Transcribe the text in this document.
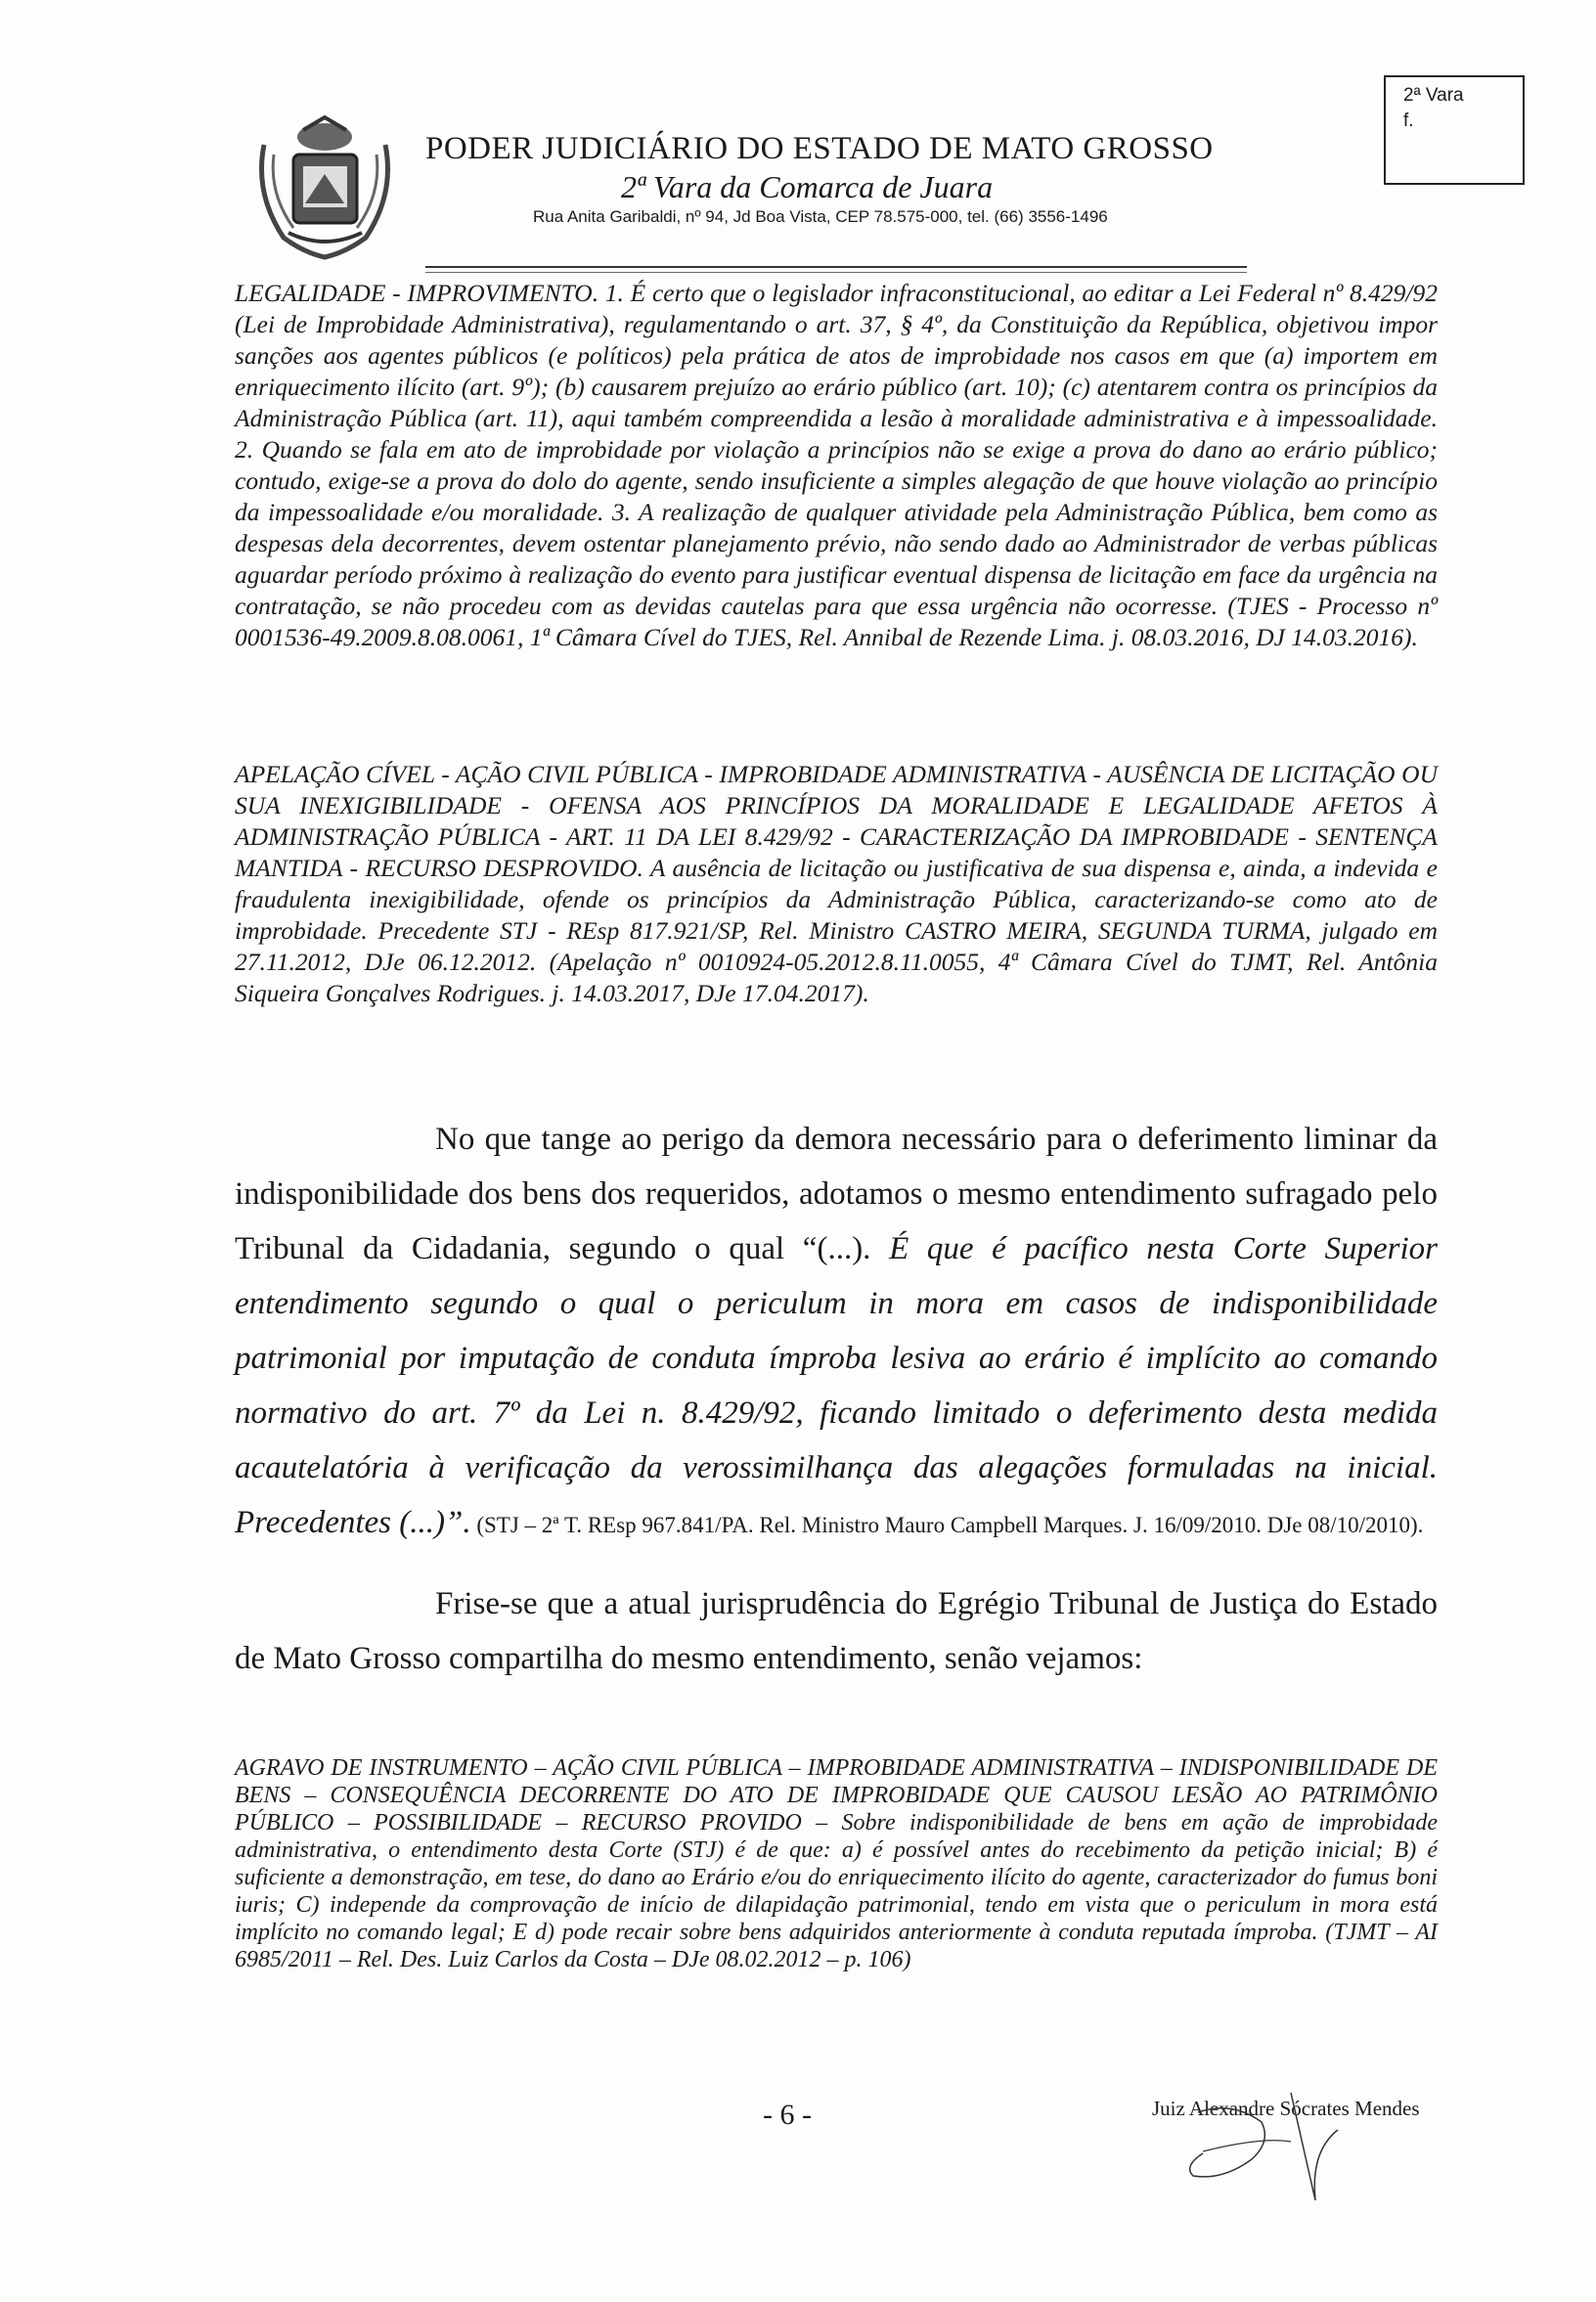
PODER JUDICIÁRIO DO ESTADO DE MATO GROSSO
2ª Vara da Comarca de Juara
Rua Anita Garibaldi, nº 94, Jd Boa Vista, CEP 78.575-000, tel. (66) 3556-1496
2ª Vara
f.
LEGALIDADE - IMPROVIMENTO. 1. É certo que o legislador infraconstitucional, ao editar a Lei Federal nº 8.429/92 (Lei de Improbidade Administrativa), regulamentando o art. 37, § 4º, da Constituição da República, objetivou impor sanções aos agentes públicos (e políticos) pela prática de atos de improbidade nos casos em que (a) importem em enriquecimento ilícito (art. 9º); (b) causarem prejuízo ao erário público (art. 10); (c) atentarem contra os princípios da Administração Pública (art. 11), aqui também compreendida a lesão à moralidade administrativa e à impessoalidade. 2. Quando se fala em ato de improbidade por violação a princípios não se exige a prova do dano ao erário público; contudo, exige-se a prova do dolo do agente, sendo insuficiente a simples alegação de que houve violação ao princípio da impessoalidade e/ou moralidade. 3. A realização de qualquer atividade pela Administração Pública, bem como as despesas dela decorrentes, devem ostentar planejamento prévio, não sendo dado ao Administrador de verbas públicas aguardar período próximo à realização do evento para justificar eventual dispensa de licitação em face da urgência na contratação, se não procedeu com as devidas cautelas para que essa urgência não ocorresse. (TJES - Processo nº 0001536-49.2009.8.08.0061, 1ª Câmara Cível do TJES, Rel. Annibal de Rezende Lima. j. 08.03.2016, DJ 14.03.2016).
APELAÇÃO CÍVEL - AÇÃO CIVIL PÚBLICA - IMPROBIDADE ADMINISTRATIVA - AUSÊNCIA DE LICITAÇÃO OU SUA INEXIGIBILIDADE - OFENSA AOS PRINCÍPIOS DA MORALIDADE E LEGALIDADE AFETOS À ADMINISTRAÇÃO PÚBLICA - ART. 11 DA LEI 8.429/92 - CARACTERIZAÇÃO DA IMPROBIDADE - SENTENÇA MANTIDA - RECURSO DESPROVIDO. A ausência de licitação ou justificativa de sua dispensa e, ainda, a indevida e fraudulenta inexigibilidade, ofende os princípios da Administração Pública, caracterizando-se como ato de improbidade. Precedente STJ - REsp 817.921/SP, Rel. Ministro CASTRO MEIRA, SEGUNDA TURMA, julgado em 27.11.2012, DJe 06.12.2012. (Apelação nº 0010924-05.2012.8.11.0055, 4ª Câmara Cível do TJMT, Rel. Antônia Siqueira Gonçalves Rodrigues. j. 14.03.2017, DJe 17.04.2017).
No que tange ao perigo da demora necessário para o deferimento liminar da indisponibilidade dos bens dos requeridos, adotamos o mesmo entendimento sufragado pelo Tribunal da Cidadania, segundo o qual “(...). É que é pacífico nesta Corte Superior entendimento segundo o qual o periculum in mora em casos de indisponibilidade patrimonial por imputação de conduta ímproba lesiva ao erário é implícito ao comando normativo do art. 7º da Lei n. 8.429/92, ficando limitado o deferimento desta medida acautelatória à verificação da verossimilhança das alegações formuladas na inicial. Precedentes (...)”. (STJ – 2ª T. REsp 967.841/PA. Rel. Ministro Mauro Campbell Marques. J. 16/09/2010. DJe 08/10/2010).
Frise-se que a atual jurisprudência do Egrégio Tribunal de Justiça do Estado de Mato Grosso compartilha do mesmo entendimento, senão vejamos:
AGRAVO DE INSTRUMENTO – AÇÃO CIVIL PÚBLICA – IMPROBIDADE ADMINISTRATIVA – INDISPONIBILIDADE DE BENS – CONSEQUÊNCIA DECORRENTE DO ATO DE IMPROBIDADE QUE CAUSOU LESÃO AO PATRIMÔNIO PÚBLICO – POSSIBILIDADE – RECURSO PROVIDO – Sobre indisponibilidade de bens em ação de improbidade administrativa, o entendimento desta Corte (STJ) é de que: a) é possível antes do recebimento da petição inicial; B) é suficiente a demonstração, em tese, do dano ao Erário e/ou do enriquecimento ilícito do agente, caracterizador do fumus boni iuris; C) independe da comprovação de início de dilapidação patrimonial, tendo em vista que o periculum in mora está implícito no comando legal; E d) pode recair sobre bens adquiridos anteriormente à conduta reputada ímproba. (TJMT – AI 6985/2011 – Rel. Des. Luiz Carlos da Costa – DJe 08.02.2012 – p. 106)
- 6 -	Juiz Alexandre Sócrates Mendes
